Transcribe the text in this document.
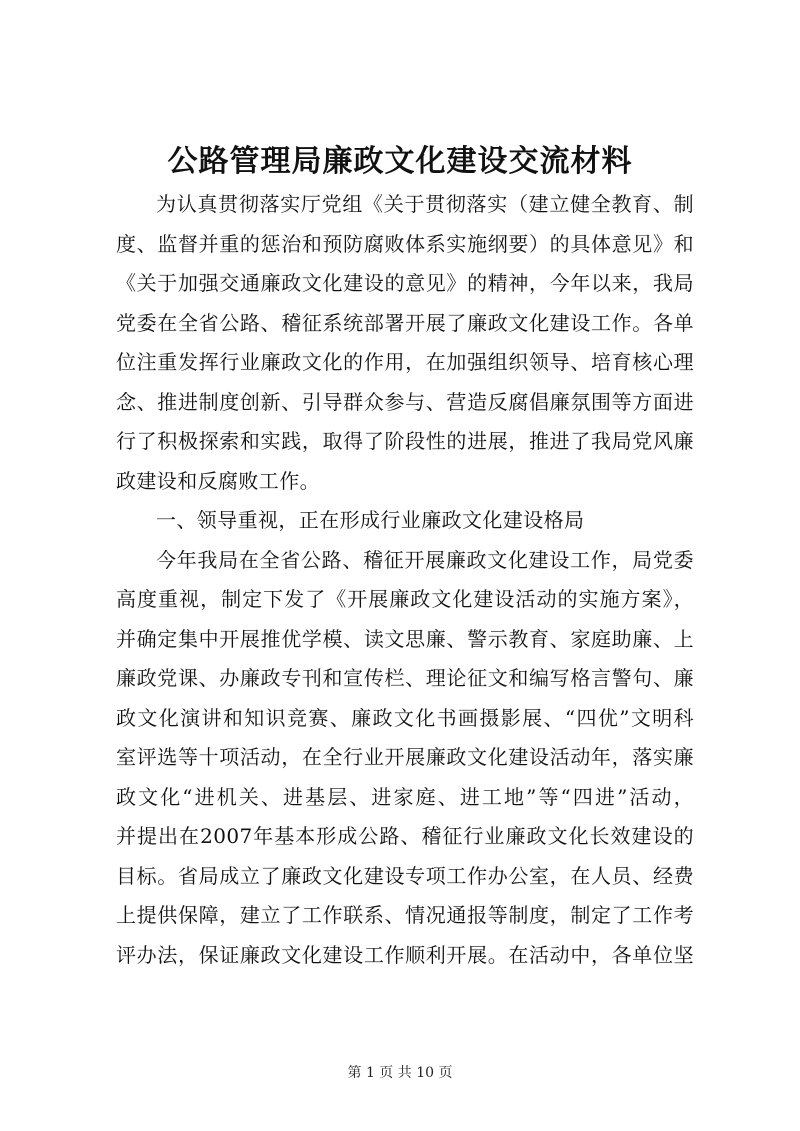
公路管理局廉政文化建设交流材料
为认真贯彻落实厅党组《关于贯彻落实（建立健全教育、制
度、监督并重的惩治和预防腐败体系实施纲要）的具体意见》和
《关于加强交通廉政文化建设的意见》的精神，今年以来，我局
党委在全省公路、稽征系统部署开展了廉政文化建设工作。各单
位注重发挥行业廉政文化的作用，在加强组织领导、培育核心理
念、推进制度创新、引导群众参与、营造反腐倡廉氛围等方面进
行了积极探索和实践，取得了阶段性的进展，推进了我局党风廉
政建设和反腐败工作。
一、领导重视，正在形成行业廉政文化建设格局
今年我局在全省公路、稽征开展廉政文化建设工作，局党委
高度重视，制定下发了《开展廉政文化建设活动的实施方案》，
并确定集中开展推优学模、读文思廉、警示教育、家庭助廉、上
廉政党课、办廉政专刊和宣传栏、理论征文和编写格言警句、廉
政文化演讲和知识竞赛、廉政文化书画摄影展、“四优”文明科
室评选等十项活动，在全行业开展廉政文化建设活动年，落实廉
政文化“进机关、进基层、进家庭、进工地”等“四进”活动，
并提出在2007年基本形成公路、稽征行业廉政文化长效建设的
目标。省局成立了廉政文化建设专项工作办公室，在人员、经费
上提供保障，建立了工作联系、情况通报等制度，制定了工作考
评办法，保证廉政文化建设工作顺利开展。在活动中，各单位坚
第 1 页 共 10 页
